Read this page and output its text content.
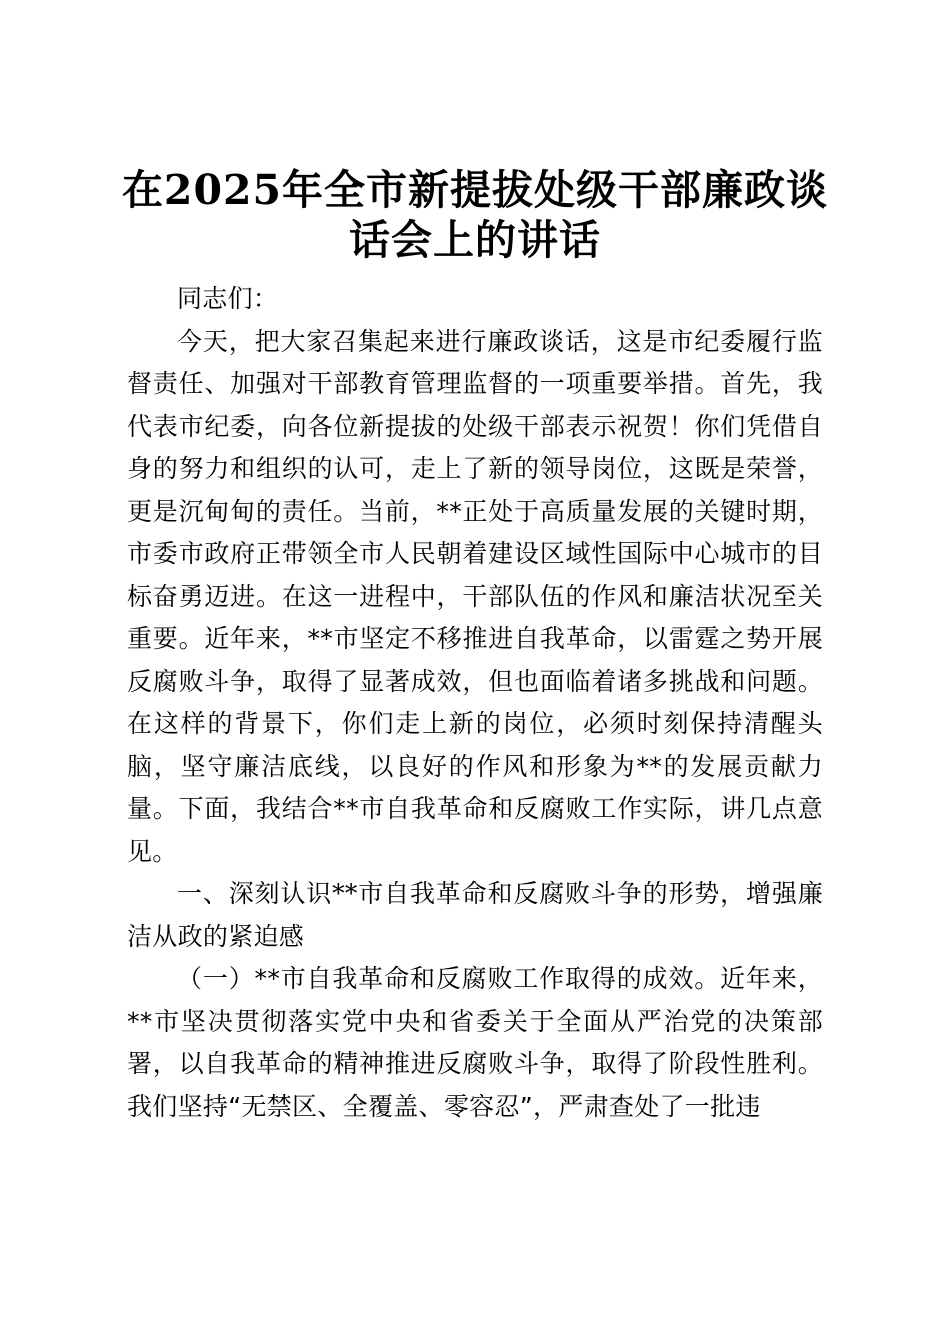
在2025年全市新提拔处级干部廉政谈话会上的讲话

同志们：

今天，把大家召集起来进行廉政谈话，这是市纪委履行监督责任、加强对干部教育管理监督的一项重要举措。首先，我代表市纪委，向各位新提拔的处级干部表示祝贺！你们凭借自身的努力和组织的认可，走上了新的领导岗位，这既是荣誉，更是沉甸甸的责任。当前，**正处于高质量发展的关键时期，市委市政府正带领全市人民朝着建设区域性国际中心城市的目标奋勇迈进。在这一进程中，干部队伍的作风和廉洁状况至关重要。近年来，**市坚定不移推进自我革命，以雷霆之势开展反腐败斗争，取得了显著成效，但也面临着诸多挑战和问题。在这样的背景下，你们走上新的岗位，必须时刻保持清醒头脑，坚守廉洁底线，以良好的作风和形象为**的发展贡献力量。下面，我结合**市自我革命和反腐败工作实际，讲几点意见。

一、深刻认识**市自我革命和反腐败斗争的形势，增强廉洁从政的紧迫感

（一）**市自我革命和反腐败工作取得的成效。近年来，**市坚决贯彻落实党中央和省委关于全面从严治党的决策部署，以自我革命的精神推进反腐败斗争，取得了阶段性胜利。我们坚持“无禁区、全覆盖、零容忍”，严肃查处了一批违
